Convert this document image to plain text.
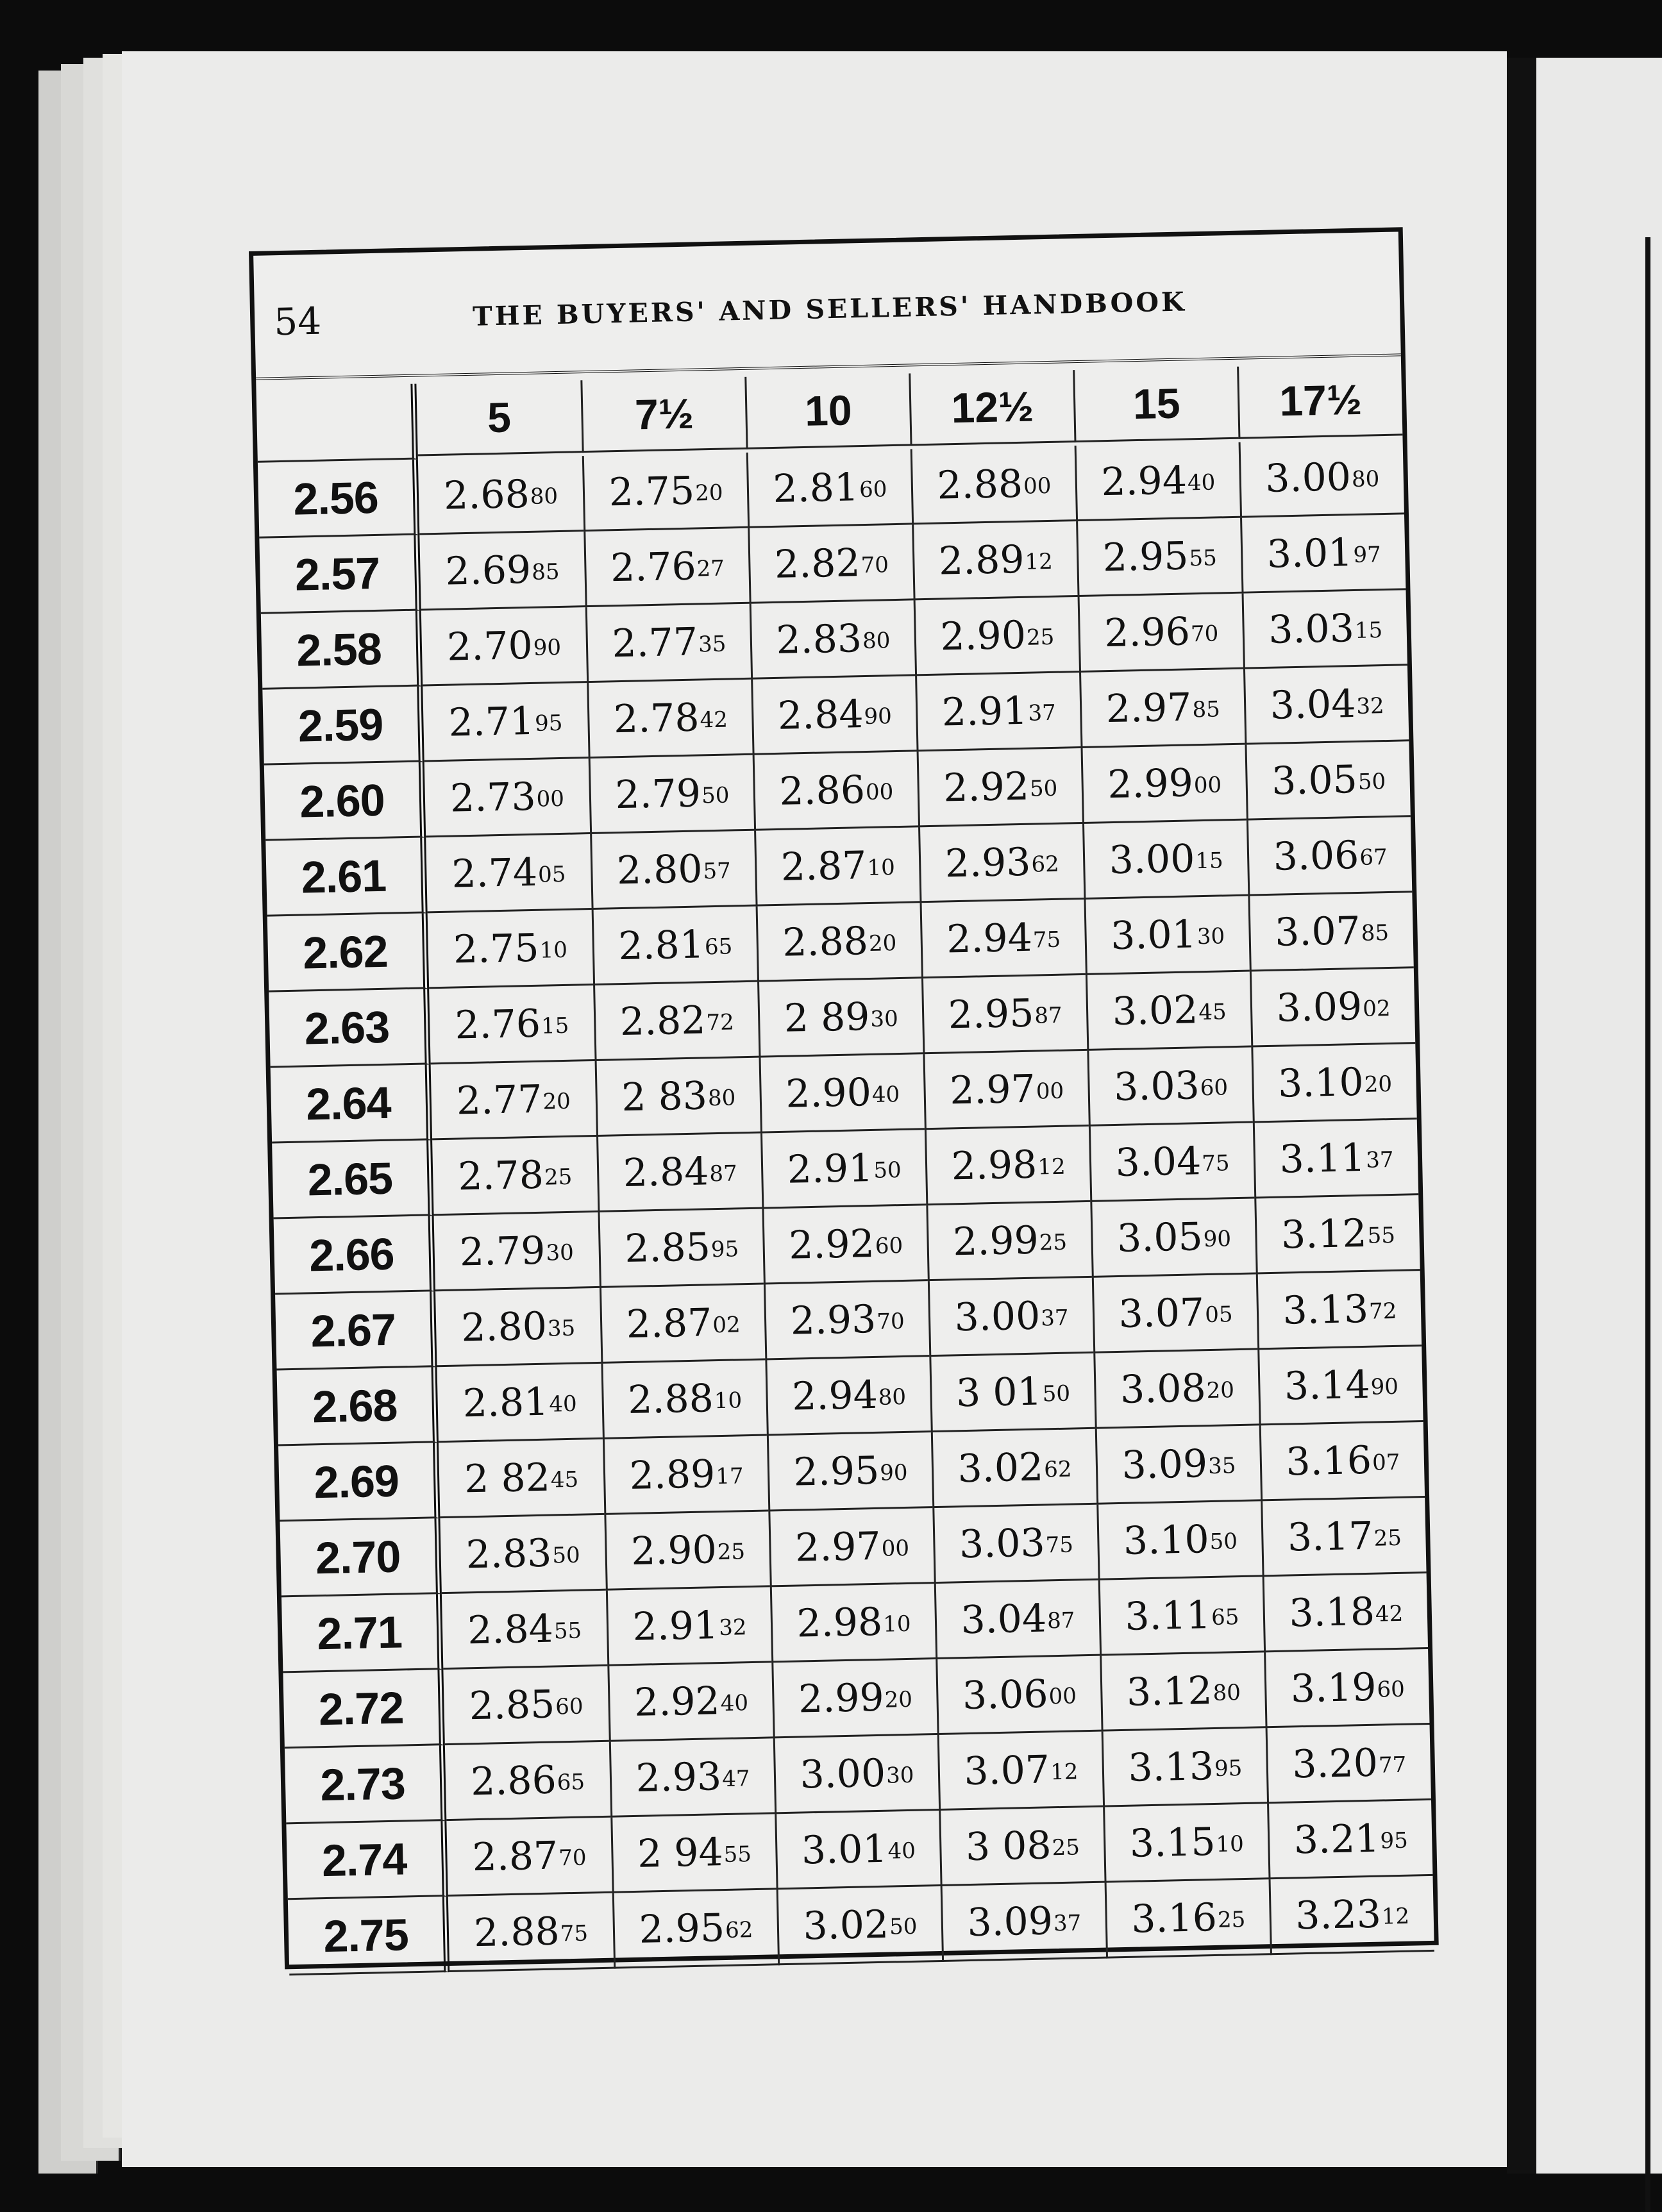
54	THE BUYERS' AND SELLERS' HANDBOOK
5	7½	10	12½	15	17½
2.56	2.68$^{80}$ 2.75$^{20}$ 2.81$^{60}$ 2.88$^{00}$ 2.94$^{40}$ 3.00$^{80}$
2.57	2.69$^{85}$ 2.76$^{27}$ 2.82$^{70}$ 2.89$^{12}$ 2.95$^{55}$ 3.01$^{97}$
2.58	2.70$^{90}$ 2.77$^{35}$ 2.83$^{80}$ 2.90$^{25}$ 2.96$^{70}$ 3.03$^{15}$
2.59	2.71$^{95}$ 2.78$^{42}$ 2.84$^{90}$ 2.91$^{37}$ 2.97$^{85}$ 3.04$^{32}$
2.60	2.73$^{00}$ 2.79$^{50}$ 2.86$^{00}$ 2.92$^{50}$ 2.99$^{00}$ 3.05$^{50}$
2.61	2.74$^{05}$ 2.80$^{57}$ 2.87$^{10}$ 2.93$^{62}$ 3.00$^{15}$ 3.06$^{67}$
2.62	2.75$^{10}$ 2.81$^{65}$ 2.88$^{20}$ 2.94$^{75}$ 3.01$^{30}$ 3.07$^{85}$
2.63	2.76$^{15}$ 2.82$^{72}$ 2 $89^{30}$ 2.95$^{87}$ 3.02$^{45}$ 3.09$^{02}$
2.64	2.77$^{20}$ 2 $83^{80}$ 2.90$^{40}$ 2.97$^{00}$ 3.03$^{60}$ 3.10$^{20}$
2.65	2.78$^{25}$ 2.84$^{87}$ 2.91$^{50}$ 2.98$^{12}$ 3.04$^{75}$ 3.11$^{37}$
2.66	2.79$^{30}$ 2.85$^{95}$ 2.92$^{60}$ 2.99$^{25}$ 3.05$^{90}$ 3.12$^{55}$
2.67	2.80$^{35}$ 2.87$^{02}$ 2.93$^{70}$ 3.00$^{37}$ 3.07$^{05}$ 3.13$^{72}$
2.68	2.81$^{40}$ 2.88$^{10}$ 2.94$^{80}$ 3 $01^{50}$ 3.08$^{20}$ 3.14$^{90}$
2.69	2 $82^{45}$ 2.89$^{17}$ 2.95$^{90}$ 3.02$^{62}$ 3.09$^{35}$ 3.16$^{07}$
2.70	2.83$^{50}$ 2.90$^{25}$ 2.97$^{00}$ 3.03$^{75}$ 3.10$^{50}$ 3.17$^{25}$
2.71	2.84$^{55}$ 2.91$^{32}$ 2.98$^{10}$ 3.04$^{87}$ 3.11$^{65}$ 3.18$^{42}$
2.72	2.85$^{60}$ 2.92$^{40}$ 2.99$^{20}$ 3.06$^{00}$ 3.12$^{80}$ 3.19$^{60}$
2.73	2.86$^{65}$ 2.93$^{47}$ 3.00$^{30}$ 3.07$^{12}$ 3.13$^{95}$ 3.20$^{77}$
2.74	2.87$^{70}$ 2 $94^{55}$ 3.01$^{40}$ 3 $08^{25}$ 3.15$^{10}$ 3.21$^{95}$
2.75	2.88$^{75}$ 2.95$^{62}$ 3.02$^{50}$ 3.09$^{37}$ 3.16$^{25}$ 3.23$^{12}$
